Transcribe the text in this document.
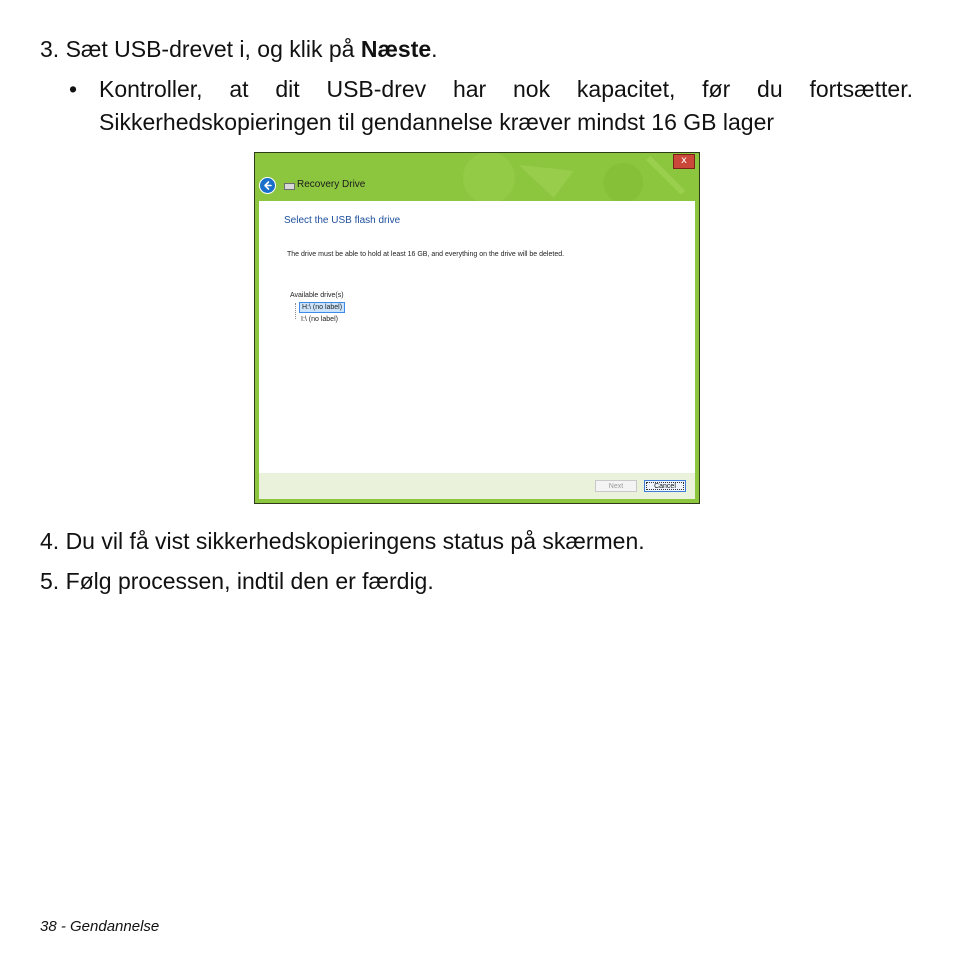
3. Sæt USB-drevet i, og klik på Næste.
• Kontroller, at dit USB-drev har nok kapacitet, før du fortsætter.
Sikkerhedskopieringen til gendannelse kræver mindst 16 GB lager
x
Recovery Drive
Select the USB flash drive
The drive must be able to hold at least 16 GB, and everything on the drive will be deleted.
Available drive(s)
H:\ (no label)
I:\ (no label)
Next	Cancel
4. Du vil få vist sikkerhedskopieringens status på skærmen.
5. Følg processen, indtil den er færdig.
38 - Gendannelse
